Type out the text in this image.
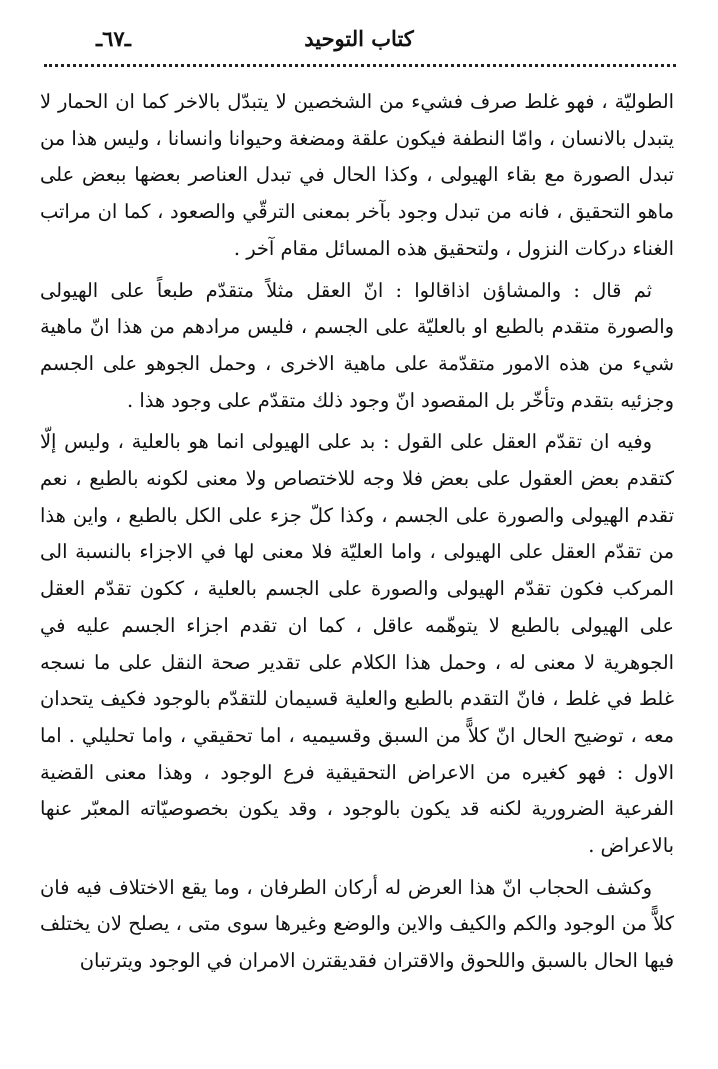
كتاب التوحيد
ـ٦٧ـ

الطوليّة ، فهو غلط صرف فشيء من الشخصين لا يتبدّل بالاخر كما ان الحمار لا يتبدل بالانسان ، وامّا النطفة فيكون علقة ومضغة وحيوانا وانسانا ، وليس هذا من تبدل الصورة مع بقاء الهيولى ، وكذا الحال في تبدل العناصر بعضها ببعض على ماهو التحقيق ، فانه من تبدل وجود بآخر بمعنى الترقّي والصعود ، كما ان مراتب الغناء دركات النزول ، ولتحقيق هذه المسائل مقام آخر .

ثم قال : والمشاؤن اذاقالوا : انّ العقل مثلاً متقدّم طبعاً على الهيولى والصورة متقدم بالطبع او بالعليّة على الجسم ، فليس مرادهم من هذا انّ ماهية شيء من هذه الامور متقدّمة على ماهية الاخرى ، وحمل الجوهو على الجسم وجزئيه بتقدم وتأخّر بل المقصود انّ وجود ذلك متقدّم على وجود هذا .

وفيه ان تقدّم العقل على القول : بد على الهيولى انما هو بالعلية ، وليس إلّا كتقدم بعض العقول على بعض فلا وجه للاختصاص ولا معنى لكونه بالطبع ، نعم تقدم الهيولى والصورة على الجسم ، وكذا كلّ جزء على الكل بالطبع ، واين هذا من تقدّم العقل على الهيولى ، واما العليّة فلا معنى لها في الاجزاء بالنسبة الى المركب فكون تقدّم الهيولى والصورة على الجسم بالعلية ، ككون تقدّم العقل على الهيولى بالطبع لا يتوهّمه عاقل ، كما ان تقدم اجزاء الجسم عليه في الجوهرية لا معنى له ، وحمل هذا الكلام على تقدير صحة النقل على ما نسجه غلط في غلط ، فانّ التقدم بالطبع والعلية قسيمان للتقدّم بالوجود فكيف يتحدان معه ، توضيح الحال انّ كلاًّ من السبق وقسيميه ، اما تحقيقي ، واما تحليلي . اما الاول : فهو كغيره من الاعراض التحقيقية فرع الوجود ، وهذا معنى القضية الفرعية الضرورية لكنه قد يكون بالوجود ، وقد يكون بخصوصيّاته المعبّر عنها بالاعراض .

وكشف الحجاب انّ هذا العرض له أركان الطرفان ، وما يقع الاختلاف فيه فان كلاًّ من الوجود والكم والكيف والاين والوضع وغيرها سوى متى ، يصلح لان يختلف فيها الحال بالسبق واللحوق والاقتران فقديقترن الامران في الوجود ويترتبان
